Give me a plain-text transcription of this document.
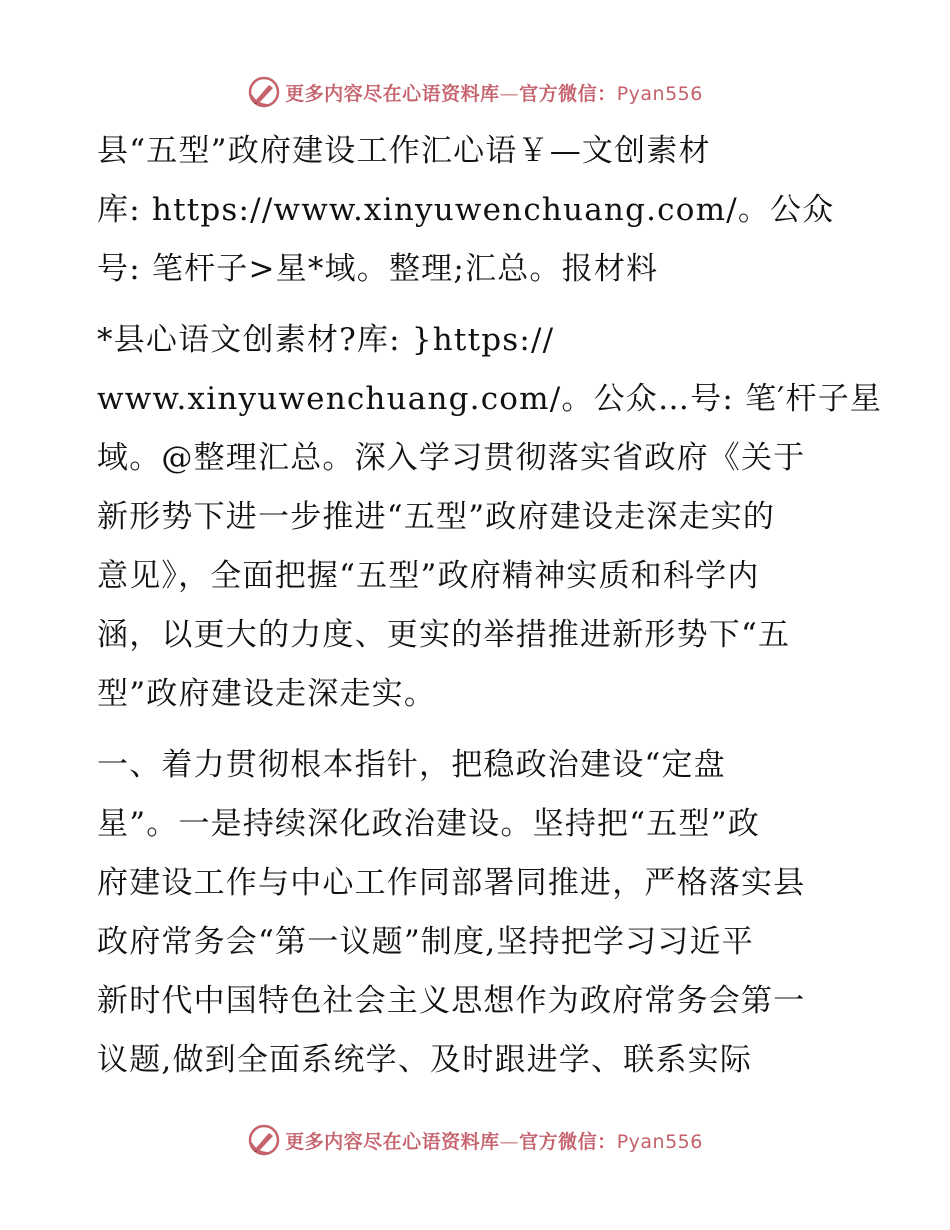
更多内容尽在心语资料库—官方微信：Pyan556

县“五型”政府建设工作汇心语￥—文创素材
库: https://www.xinyuwenchuang.com/。公众
号: 笔杆子>星*域。整理;汇总。报材料

*县心语文创素材?库: }https://
www.xinyuwenchuang.com/。公众…号: 笔′杆子星
域。@整理汇总。深入学习贯彻落实省政府《关于
新形势下进一步推进“五型”政府建设走深走实的
意见》，全面把握“五型”政府精神实质和科学内
涵，以更大的力度、更实的举措推进新形势下“五
型”政府建设走深走实。

一、着力贯彻根本指针，把稳政治建设“定盘
星”。一是持续深化政治建设。坚持把“五型”政
府建设工作与中心工作同部署同推进，严格落实县
政府常务会“第一议题”制度,坚持把学习习近平
新时代中国特色社会主义思想作为政府常务会第一
议题,做到全面系统学、及时跟进学、联系实际

更多内容尽在心语资料库—官方微信：Pyan556
